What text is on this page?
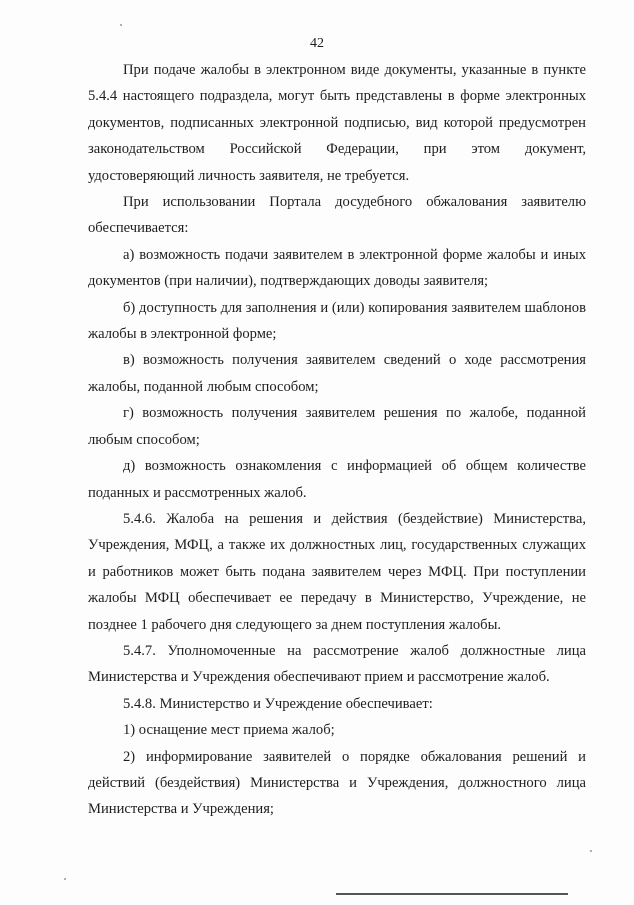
42

При подаче жалобы в электронном виде документы, указанные в пункте 5.4.4 настоящего подраздела, могут быть представлены в форме электронных документов, подписанных электронной подписью, вид которой предусмотрен законодательством Российской Федерации, при этом документ, удостоверяющий личность заявителя, не требуется.

При использовании Портала досудебного обжалования заявителю обеспечивается:

а) возможность подачи заявителем в электронной форме жалобы и иных документов (при наличии), подтверждающих доводы заявителя;

б) доступность для заполнения и (или) копирования заявителем шаблонов жалобы в электронной форме;

в) возможность получения заявителем сведений о ходе рассмотрения жалобы, поданной любым способом;

г) возможность получения заявителем решения по жалобе, поданной любым способом;

д) возможность ознакомления с информацией об общем количестве поданных и рассмотренных жалоб.

5.4.6. Жалоба на решения и действия (бездействие) Министерства, Учреждения, МФЦ, а также их должностных лиц, государственных служащих и работников может быть подана заявителем через МФЦ. При поступлении жалобы МФЦ обеспечивает ее передачу в Министерство, Учреждение, не позднее 1 рабочего дня следующего за днем поступления жалобы.

5.4.7. Уполномоченные на рассмотрение жалоб должностные лица Министерства и Учреждения обеспечивают прием и рассмотрение жалоб.

5.4.8. Министерство и Учреждение обеспечивает:

1) оснащение мест приема жалоб;

2) информирование заявителей о порядке обжалования решений и действий (бездействия) Министерства и Учреждения, должностного лица Министерства и Учреждения;
